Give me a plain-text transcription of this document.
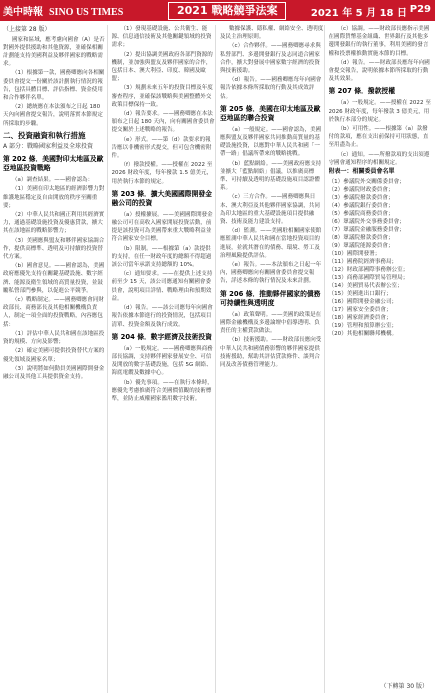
美中時報 SINO US TIMES	2021 戰略競爭法案	2021 年 5 月 18 日 P29
（上接第 28 版）

國家和區域，應考慮向國會（A）是否對國外提供援助和其他資源，並確保相關計劃能支持美國利益及夥伴國家的戰略需求。

（1）根據第一款，國務卿應向各相關委員會提交一份關於該計劃執行情況的報告，包括具體目標、評估指標、資金使用和合作夥伴名單。

（2）總統應在本法頒布之日起 180 天內向國會提交報告，說明落實本節規定所採取的步驟。

二、投資融資和執行措施
A 部分：戰略國家利益及全球投資
第 202 條．美國對印太地區及歐亞地區投資戰略

（a）調查結果。——國會認為：

（1）美國在印太地區的經濟影響力對維護地區穩定及自由開放的秩序至關重要；

（2）中華人民共和國正利用其經濟實力，通過基礎設施投資及優惠貸款，擴大其在該地區的戰略影響力；

（3）美國應與盟友和夥伴國家協調合作，提供高標準、透明及可持續的投資替代方案。

（b）國會意見。——國會認為，美國政府應優先支持在關鍵基礎設施、數字經濟、能源及衛生領域的高質量投資，並鼓勵私營部門參與，以促進公平競爭。

（c）戰略制定。——國務卿應會同財政部長、商務部長及其他相關機構負責人，制定一項全面的投資戰略，內容應包括：

（1）評估中華人民共和國在該地區投資的規模、方向及影響；

（2）確定美國可提供投資替代方案的優先領域及國家名單；

（3）說明將如何動員美國國際開發金融公司及其他工具提供資金支持。

（1）發現基礎設施、公共衛生、能源、信息通信技術及其他關鍵領域的投資需求；

（2）提出協調美國政府各部門資源的機制，並加強與盟友及夥伴國家的合作，包括日本、澳大利亞、印度、韓國及歐盟；

（3）規劃未來五年的投資目標及年度審查程序，並確保該戰略與美國整體外交政策目標保持一致。

（d）報告要求。——國務卿應在本法頒布之日起 180 天內，向有關國會委員會提交關於上述戰略的報告。

（e）形式。——第（d）款要求的報告應以非機密形式提交，但可包含機密附件。

（f）撥款授權。——授權在 2022 至 2026 財政年度，每年撥款 1.5 億美元，用於執行本節的規定。

第 203 條．擴大美國國際開發金融公司的投資

（a）授權擴展。——美國國際開發金融公司可在高收入國家開展投資活動，前提是該投資可為美國帶來重大戰略利益並符合國家安全目標。

（b）限制。——根據第（a）款提供的支持，在任一財政年度的總額不得超過該公司當年承諾支持總額的 10%。

（c）通知要求。——在提供上述支持前至少 15 天，該公司應通知有關國會委員會，說明項目詳情、戰略理由和預期效益。

（d）報告。——該公司應每年向國會報告依據本節進行的投資情況，包括項目清單、投資金額及執行成效。

第 204 條．數字經濟及技術投資

（a）一般規定。——國務卿應與商務部長協調，支持夥伴國家發展安全、可信及開放的數字基礎設施，包括 5G 網絡、海底電纜及數據中心。

（b）優先事項。——在執行本條時，應優先考慮推廣符合美國價值觀的技術標準，並防止威權國家濫用數字技術。

數據保護、隱私權、網絡安全、透明度及民主治理原則。

（c）合作夥伴。——國務卿應尋求與私營部門、多邊開發銀行及志同道合國家合作，擴大對發展中國家數字經濟的投資與技術援助。

（d）報告。——國務卿應每年向國會報告依據本條所採取的行動及其成效評估。

第 205 條．美國在印太地區及歐亞地區的聯合投資

（a）一般規定。——國會認為，美國應與盟友及夥伴國家共同推動高質量的基礎設施投資，以應對中華人民共和國「一帶一路」倡議所帶來的戰略挑戰。

（b）藍點網絡。——美國政府應支持並擴大「藍點網絡」倡議，以推廣高標準、可持續及透明的基礎設施項目認證體系。

（c）三方合作。——國務卿應與日本、澳大利亞及其他夥伴國家協調，共同為印太地區的重大基礎設施項目提供融資、技術及能力建設支持。

（d）監測。——美國駐相關國家使館應監測中華人民共和國在當地投資項目的進展，並就其潛在的債務、環境、勞工及治理風險提供評估。

（e）報告。——本法頒布之日起一年內，國務卿應向有關國會委員會提交報告，詳述本條的執行情況及未來計劃。

第 206 條．推動夥伴國家的債務可持續性與透明度

（a）政策聲明。——美國的政策是在國際金融機構及多邊論壇中倡導透明、負責任的主權貸款做法。

（b）技術援助。——財政部長應向受中華人民共和國債務影響的夥伴國家提供技術援助，幫助其評估貸款條件、談判合同及改善債務管理能力。

（c）協調。——財政部長應指示美國在國際貨幣基金組織、世界銀行及其他多邊開發銀行的執行董事，利用美國的發言權和投票權推動實施本節的目標。

（d）報告。——財政部長應每年向國會提交報告，說明依據本節所採取的行動及其效果。

第 207 條．撥款授權

（a）一般規定。——授權在 2022 至 2026 財政年度，每年撥款 3 億美元，用於執行本部分的規定。

（b）可用性。——根據第（a）款撥付的款項，應在支出前保持可用狀態，直至用盡為止。

（c）通知。——所撥款項的支出須遵守國會通知程序的相關規定。

附表一：相關委員會名單
（1）參議院外交關係委員會；
（2）參議院財政委員會；
（3）參議院撥款委員會；
（4）參議院銀行委員會；
（5）參議院商務委員會；
（6）眾議院外交事務委員會；
（7）眾議院金融服務委員會；
（8）眾議院撥款委員會；
（9）眾議院能源委員會；
（10）國際開發署；
（11）國務院經濟事務局；
（12）財政部國際事務辦公室；
（13）商務部國際貿易管理局；
（14）美國貿易代表辦公室；
（15）美國進出口銀行；
（16）國際開發金融公司；
（17）國家安全委員會；
（18）國家經濟委員會；
（19）管理和預算辦公室；
（20）其他相關聯邦機構。
（下轉第 30 版）
